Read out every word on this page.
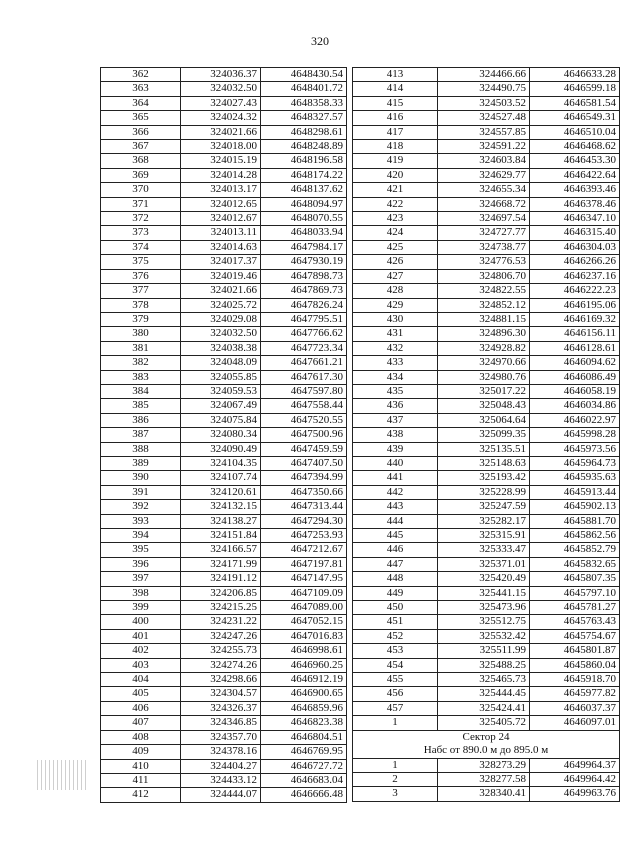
320
362	324036.37	4648430.54
363	324032.50	4648401.72
364	324027.43	4648358.33
365	324024.32	4648327.57
366	324021.66	4648298.61
367	324018.00	4648248.89
368	324015.19	4648196.58
369	324014.28	4648174.22
370	324013.17	4648137.62
371	324012.65	4648094.97
372	324012.67	4648070.55
373	324013.11	4648033.94
374	324014.63	4647984.17
375	324017.37	4647930.19
376	324019.46	4647898.73
377	324021.66	4647869.73
378	324025.72	4647826.24
379	324029.08	4647795.51
380	324032.50	4647766.62
381	324038.38	4647723.34
382	324048.09	4647661.21
383	324055.85	4647617.30
384	324059.53	4647597.80
385	324067.49	4647558.44
386	324075.84	4647520.55
387	324080.34	4647500.96
388	324090.49	4647459.59
389	324104.35	4647407.50
390	324107.74	4647394.99
391	324120.61	4647350.66
392	324132.15	4647313.44
393	324138.27	4647294.30
394	324151.84	4647253.93
395	324166.57	4647212.67
396	324171.99	4647197.81
397	324191.12	4647147.95
398	324206.85	4647109.09
399	324215.25	4647089.00
400	324231.22	4647052.15
401	324247.26	4647016.83
402	324255.73	4646998.61
403	324274.26	4646960.25
404	324298.66	4646912.19
405	324304.57	4646900.65
406	324326.37	4646859.96
407	324346.85	4646823.38
408	324357.70	4646804.51
409	324378.16	4646769.95
410	324404.27	4646727.72
411	324433.12	4646683.04
412	324444.07	4646666.48
413	324466.66	4646633.28
414	324490.75	4646599.18
415	324503.52	4646581.54
416	324527.48	4646549.31
417	324557.85	4646510.04
418	324591.22	4646468.62
419	324603.84	4646453.30
420	324629.77	4646422.64
421	324655.34	4646393.46
422	324668.72	4646378.46
423	324697.54	4646347.10
424	324727.77	4646315.40
425	324738.77	4646304.03
426	324776.53	4646266.26
427	324806.70	4646237.16
428	324822.55	4646222.23
429	324852.12	4646195.06
430	324881.15	4646169.32
431	324896.30	4646156.11
432	324928.82	4646128.61
433	324970.66	4646094.62
434	324980.76	4646086.49
435	325017.22	4646058.19
436	325048.43	4646034.86
437	325064.64	4646022.97
438	325099.35	4645998.28
439	325135.51	4645973.56
440	325148.63	4645964.73
441	325193.42	4645935.63
442	325228.99	4645913.44
443	325247.59	4645902.13
444	325282.17	4645881.70
445	325315.91	4645862.56
446	325333.47	4645852.79
447	325371.01	4645832.65
448	325420.49	4645807.35
449	325441.15	4645797.10
450	325473.96	4645781.27
451	325512.75	4645763.43
452	325532.42	4645754.67
453	325511.99	4645801.87
454	325488.25	4645860.04
455	325465.73	4645918.70
456	325444.45	4645977.82
457	325424.41	4646037.37
1	325405.72	4646097.01
Сектор 24		
Набс от 890.0 м до 895.0 м		
1	328273.29	4649964.37
2	328277.58	4649964.42
3	328340.41	4649963.76
